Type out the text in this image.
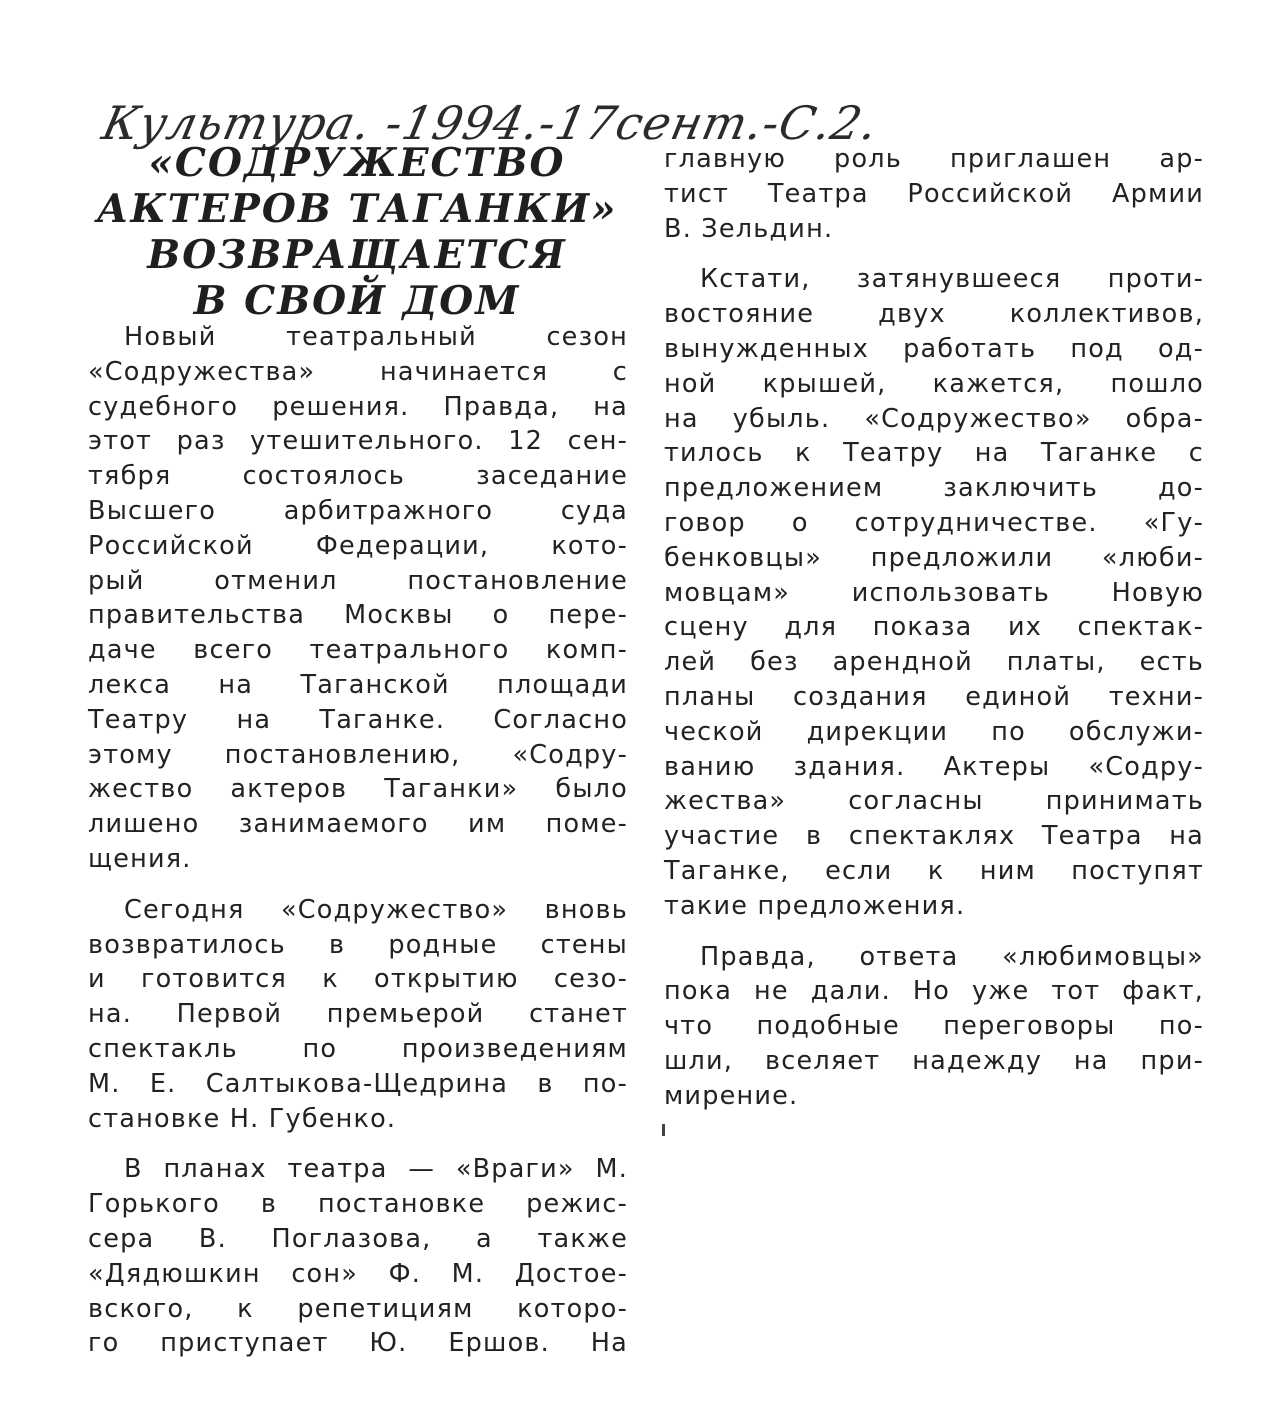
Культура. -1994.-17сент.-С.2.
«СОДРУЖЕСТВО
АКТЕРОВ ТАГАНКИ»
ВОЗВРАЩАЕТСЯ
В СВОЙ ДОМ
Новый театральный сезон
«Содружества» начинается с
судебного решения. Правда, на
этот раз утешительного. 12 сен-
тября состоялось заседание
Высшего арбитражного суда
Российской Федерации, кото-
рый отменил постановление
правительства Москвы о пере-
даче всего театрального комп-
лекса на Таганской площади
Театру на Таганке. Согласно
этому постановлению, «Содру-
жество актеров Таганки» было
лишено занимаемого им поме-
щения.
Сегодня «Содружество» вновь
возвратилось в родные стены
и готовится к открытию сезо-
на. Первой премьерой станет
спектакль по произведениям
М. Е. Салтыкова-Щедрина в по-
становке Н. Губенко.
В планах театра — «Враги» М.
Горького в постановке режис-
сера В. Поглазова, а также
«Дядюшкин сон» Ф. М. Достое-
вского, к репетициям которо-
го приступает Ю. Ершов. На
главную роль приглашен ар-
тист Театра Российской Армии
В. Зельдин.
Кстати, затянувшееся проти-
востояние двух коллективов,
вынужденных работать под од-
ной крышей, кажется, пошло
на убыль. «Содружество» обра-
тилось к Театру на Таганке с
предложением заключить до-
говор о сотрудничестве. «Гу-
бенковцы» предложили «люби-
мовцам» использовать Новую
сцену для показа их спектак-
лей без арендной платы, есть
планы создания единой техни-
ческой дирекции по обслужи-
ванию здания. Актеры «Содру-
жества» согласны принимать
участие в спектаклях Театра на
Таганке, если к ним поступят
такие предложения.
Правда, ответа «любимовцы»
пока не дали. Но уже тот факт,
что подобные переговоры по-
шли, вселяет надежду на при-
мирение.
